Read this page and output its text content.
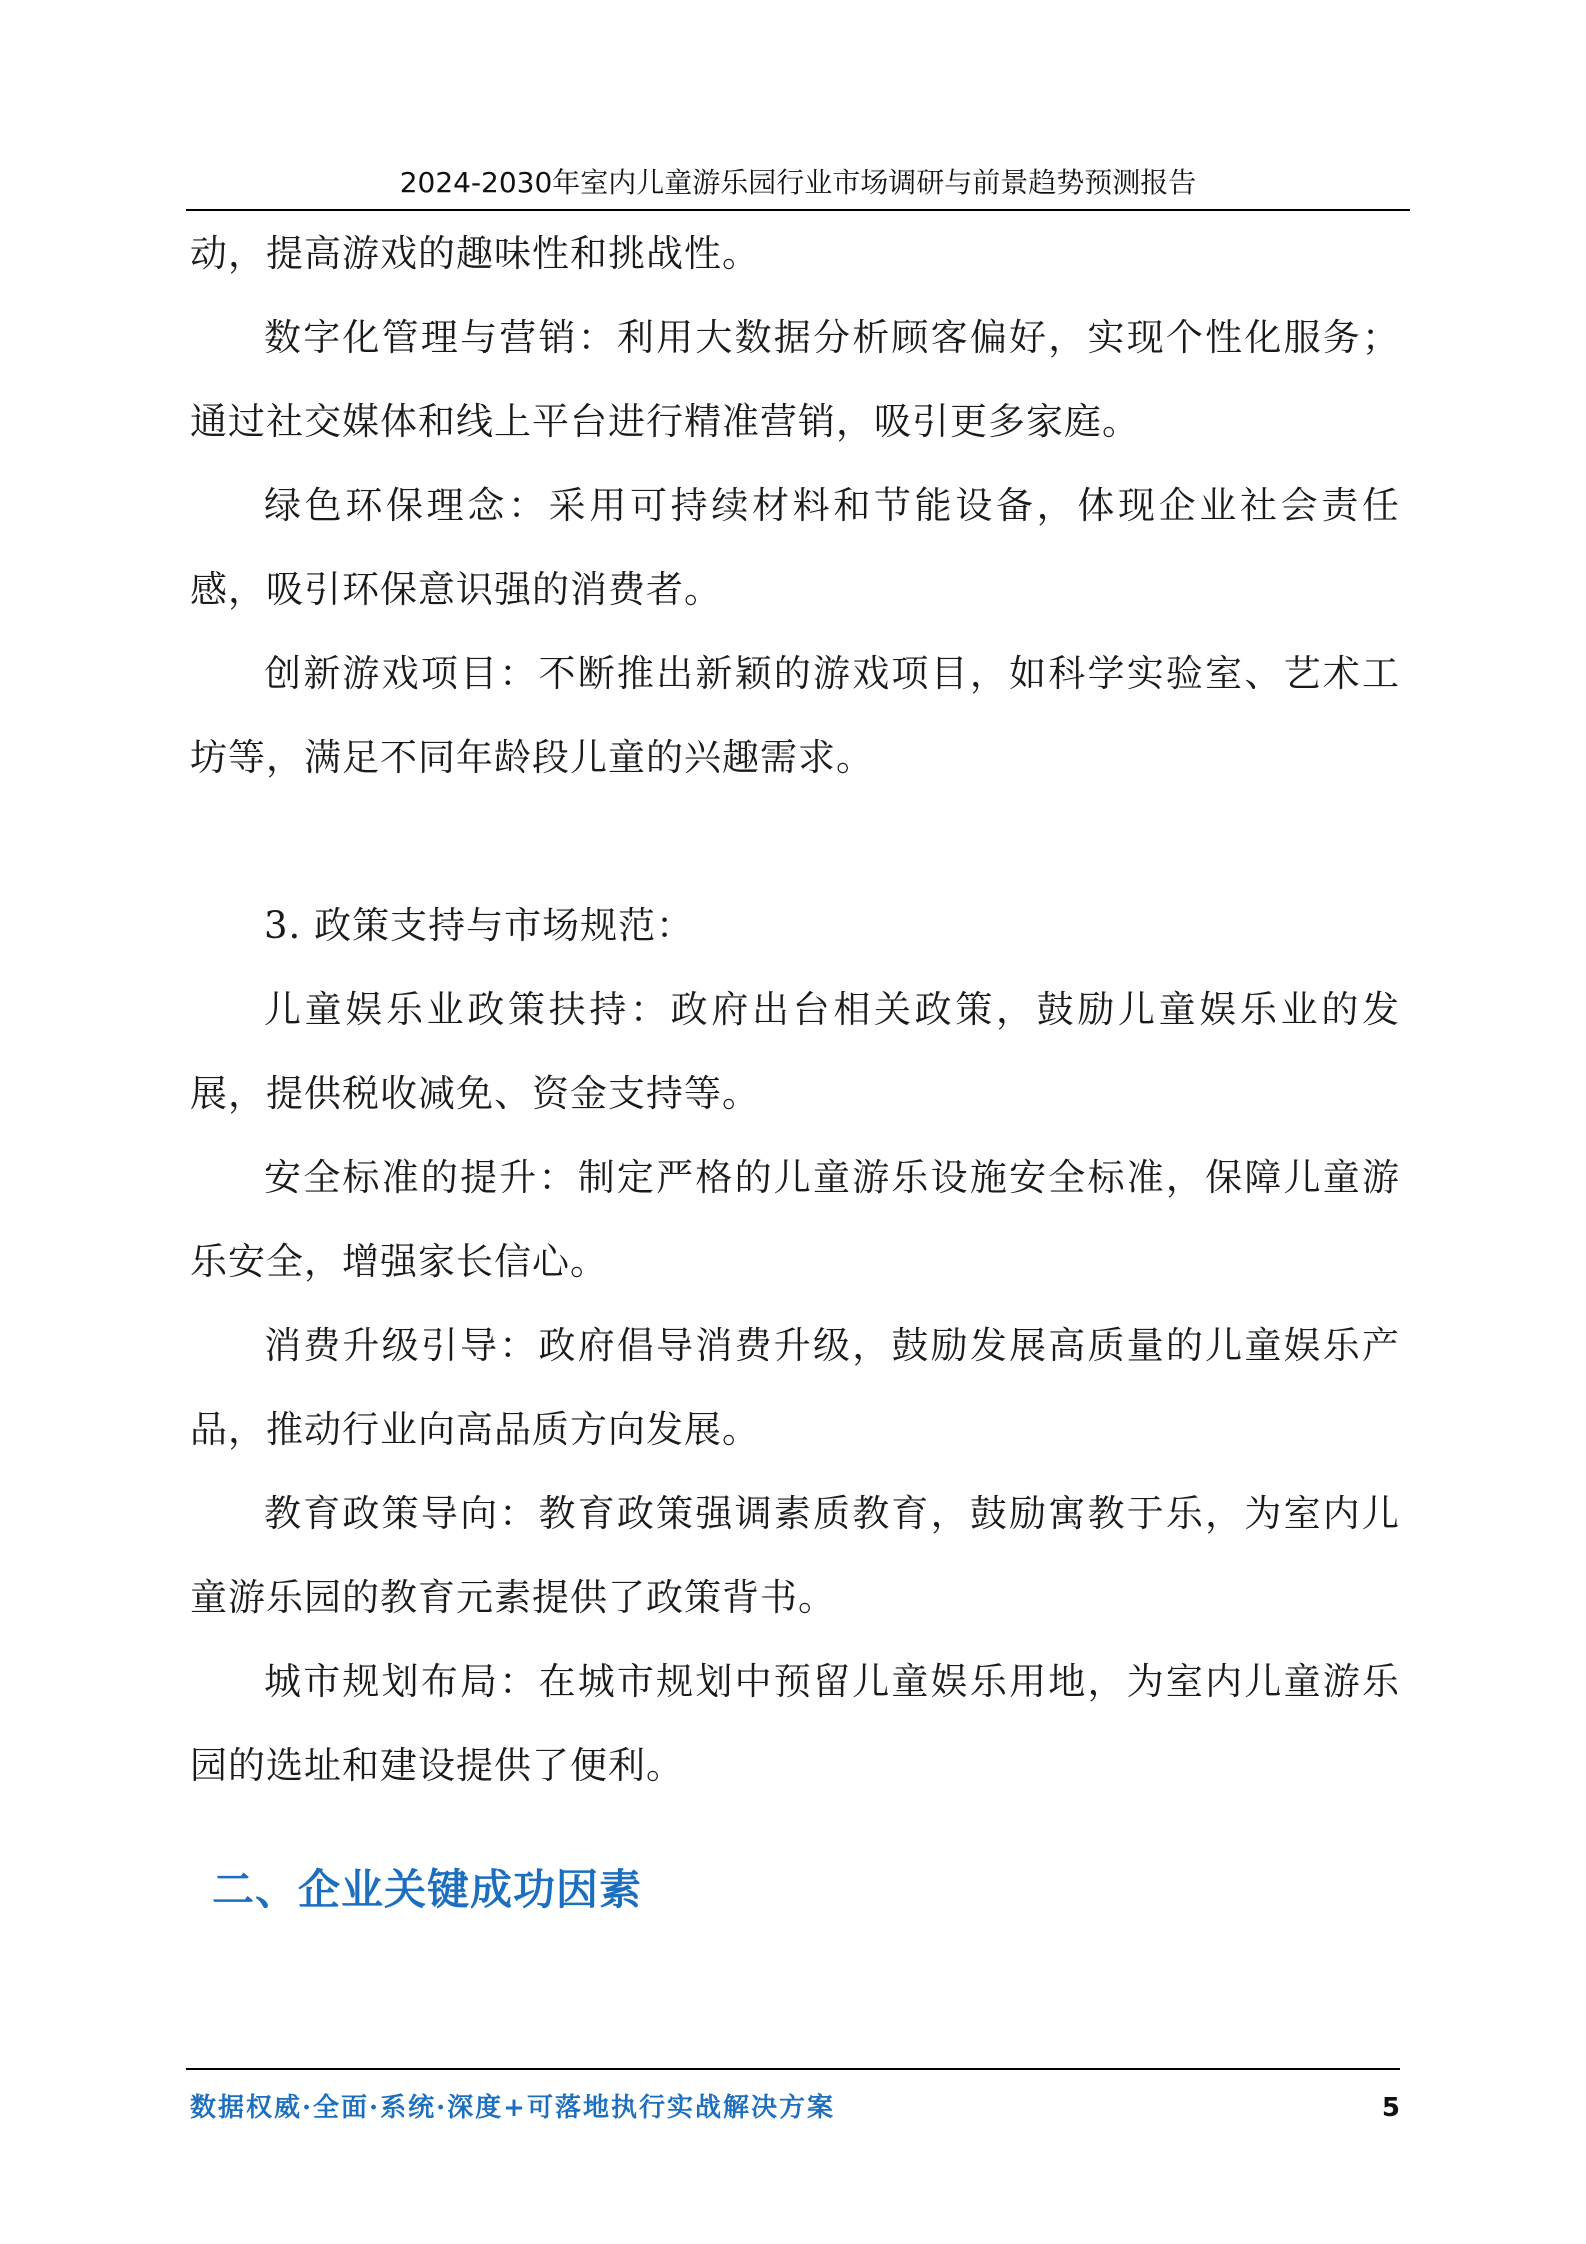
2024-2030年室内儿童游乐园行业市场调研与前景趋势预测报告

动，提高游戏的趣味性和挑战性。

数字化管理与营销：利用大数据分析顾客偏好，实现个性化服务；通过社交媒体和线上平台进行精准营销，吸引更多家庭。

绿色环保理念：采用可持续材料和节能设备，体现企业社会责任感，吸引环保意识强的消费者。

创新游戏项目：不断推出新颖的游戏项目，如科学实验室、艺术工坊等，满足不同年龄段儿童的兴趣需求。

3. 政策支持与市场规范：

儿童娱乐业政策扶持：政府出台相关政策，鼓励儿童娱乐业的发展，提供税收减免、资金支持等。

安全标准的提升：制定严格的儿童游乐设施安全标准，保障儿童游乐安全，增强家长信心。

消费升级引导：政府倡导消费升级，鼓励发展高质量的儿童娱乐产品，推动行业向高品质方向发展。

教育政策导向：教育政策强调素质教育，鼓励寓教于乐，为室内儿童游乐园的教育元素提供了政策背书。

城市规划布局：在城市规划中预留儿童娱乐用地，为室内儿童游乐园的选址和建设提供了便利。

二、企业关键成功因素
数据权威·全面·系统·深度+可落地执行实战解决方案	5
